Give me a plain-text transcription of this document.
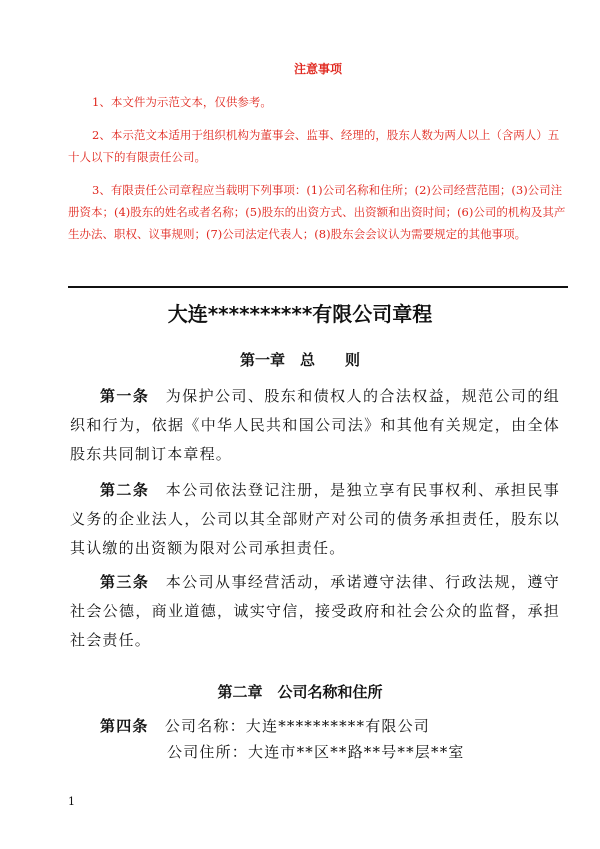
注意事项

1、本文件为示范文本，仅供参考。

2、本示范文本适用于组织机构为董事会、监事、经理的，股东人数为两人以上（含两人）五十人以下的有限责任公司。

3、有限责任公司章程应当载明下列事项：(1)公司名称和住所；(2)公司经营范围；(3)公司注册资本；(4)股东的姓名或者名称；(5)股东的出资方式、出资额和出资时间；(6)公司的机构及其产生办法、职权、议事规则；(7)公司法定代表人；(8)股东会会议认为需要规定的其他事项。

大连**********有限公司章程
第一章　总　　则

第一条　为保护公司、股东和债权人的合法权益，规范公司的组织和行为，依据《中华人民共和国公司法》和其他有关规定，由全体股东共同制订本章程。

第二条　本公司依法登记注册，是独立享有民事权利、承担民事义务的企业法人，公司以其全部财产对公司的债务承担责任，股东以其认缴的出资额为限对公司承担责任。

第三条　本公司从事经营活动，承诺遵守法律、行政法规，遵守社会公德，商业道德，诚实守信，接受政府和社会公众的监督，承担社会责任。

第二章　公司名称和住所

第四条　公司名称：大连**********有限公司

公司住所：大连市**区**路**号**层**室
1
